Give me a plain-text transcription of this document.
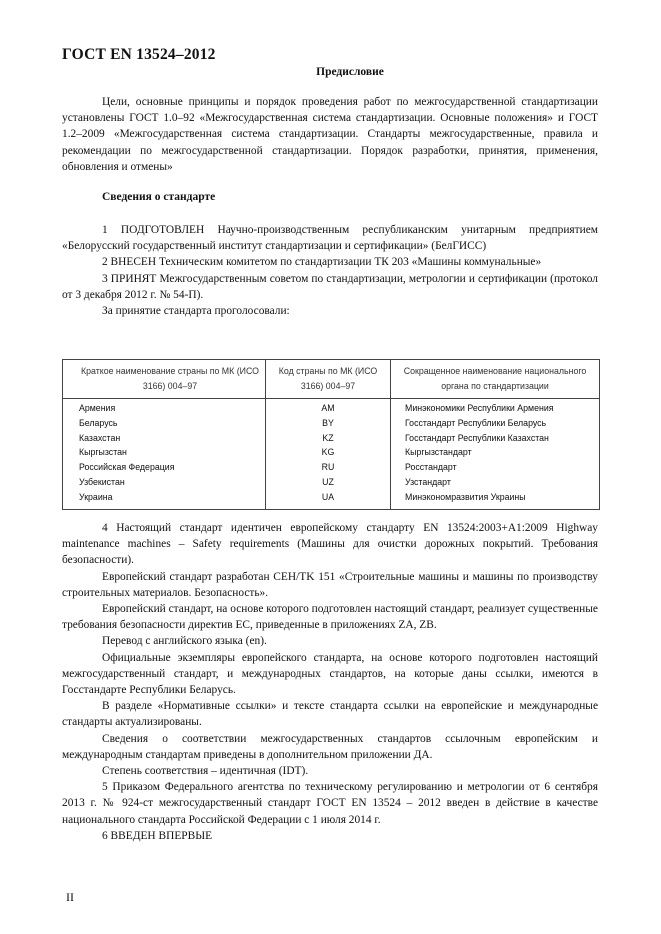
ГОСТ EN 13524–2012
Предисловие

Цели, основные принципы и порядок проведения работ по межгосударственной стандартизации установлены ГОСТ 1.0–92 «Межгосударственная система стандартизации. Основные положения» и ГОСТ 1.2–2009 «Межгосударственная система стандартизации. Стандарты межгосударственные, правила и рекомендации по межгосударственной стандартизации. Порядок разработки, принятия, применения, обновления и отмены»

Сведения о стандарте

1 ПОДГОТОВЛЕН Научно-производственным республиканским унитарным предприятием «Белорусский государственный институт стандартизации и сертификации» (БелГИСС)

2 ВНЕСЕН Техническим комитетом по стандартизации ТК 203 «Машины коммунальные»

3 ПРИНЯТ Межгосударственным советом по стандартизации, метрологии и сертификации (протокол от 3 декабря 2012 г. № 54-П).

За принятие стандарта проголосовали:

Краткое наименование страны по МК (ИСО 3166) 004–97	Код страны по МК (ИСО 3166) 004–97	Сокращенное наименование национального органа по стандартизации
Армения	AM	Минэкономики Республики Армения
Беларусь	BY	Госстандарт Республики Беларусь
Казахстан	KZ	Госстандарт Республики Казахстан
Кыргызстан	KG	Кыргызстандарт
Российская Федерация	RU	Росстандарт
Узбекистан	UZ	Узстандарт
Украина	UA	Минэкономразвития Украины

4 Настоящий стандарт идентичен европейскому стандарту EN 13524:2003+A1:2009 Highway maintenance machines – Safety requirements (Машины для очистки дорожных покрытий. Требования безопасности).

Европейский стандарт разработан CEH/TK 151 «Строительные машины и машины по производству строительных материалов. Безопасность».

Европейский стандарт, на основе которого подготовлен настоящий стандарт, реализует существенные требования безопасности директив ЕС, приведенные в приложениях ZA, ZB.

Перевод с английского языка (en).

Официальные экземпляры европейского стандарта, на основе которого подготовлен настоящий межгосударственный стандарт, и международных стандартов, на которые даны ссылки, имеются в Госстандарте Республики Беларусь.

В разделе «Нормативные ссылки» и тексте стандарта ссылки на европейские и международные стандарты актуализированы.

Сведения о соответствии межгосударственных стандартов ссылочным европейским и международным стандартам приведены в дополнительном приложении ДА.

Степень соответствия – идентичная (IDT).

5 Приказом Федерального агентства по техническому регулированию и метрологии от 6 сентября 2013 г. № 924-ст межгосударственный стандарт ГОСТ EN 13524 – 2012 введен в действие в качестве национального стандарта Российской Федерации с 1 июля 2014 г.

6 ВВЕДЕН ВПЕРВЫЕ

II
